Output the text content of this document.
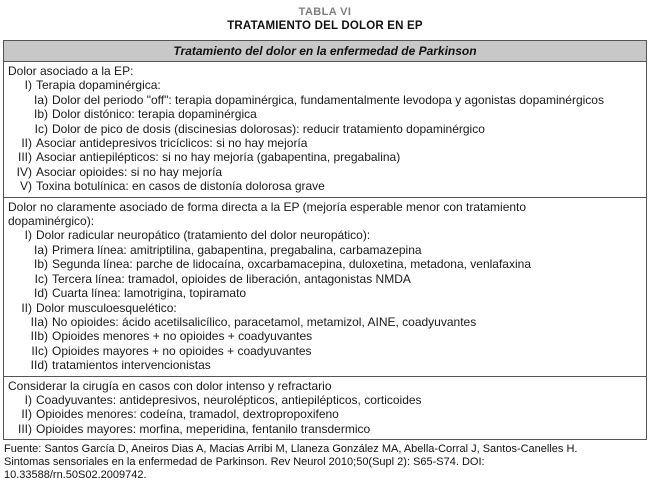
TABLA VI
TRATAMIENTO DEL DOLOR EN EP
Tratamiento del dolor en la enfermedad de Parkinson
Dolor asociado a la EP:
I) Terapia dopaminérgica:
Ia) Dolor del periodo "off": terapia dopaminérgica, fundamentalmente levodopa y agonistas dopaminérgicos
Ib) Dolor distónico: terapia dopaminérgica
Ic) Dolor de pico de dosis (discinesias dolorosas): reducir tratamiento dopaminérgico
II) Asociar antidepresivos tricíclicos: si no hay mejoría
III) Asociar antiepilépticos: si no hay mejoría (gabapentina, pregabalina)
IV) Asociar opioides: si no hay mejoría
V) Toxina botulínica: en casos de distonía dolorosa grave
Dolor no claramente asociado de forma directa a la EP (mejoría esperable menor con tratamiento dopaminérgico):
I) Dolor radicular neuropático (tratamiento del dolor neuropático):
Ia) Primera línea: amitriptilina, gabapentina, pregabalina, carbamazepina
Ib) Segunda línea: parche de lidocaína, oxcarbamacepina, duloxetina, metadona, venlafaxina
Ic) Tercera línea: tramadol, opioides de liberación, antagonistas NMDA
Id) Cuarta línea: lamotrigina, topiramato
II) Dolor musculoesquelético:
IIa) No opioides: ácido acetilsalicílico, paracetamol, metamizol, AINE, coadyuvantes
IIb) Opioides menores + no opioides + coadyuvantes
IIc) Opioides mayores + no opioides + coadyuvantes
IId) tratamientos intervencionistas
Considerar la cirugía en casos con dolor intenso y refractario
I) Coadyuvantes: antidepresivos, neurolépticos, antiepilépticos, corticoides
II) Opioides menores: codeína, tramadol, dextropropoxifeno
III) Opioides mayores: morfina, meperidina, fentanilo transdermico
Fuente: Santos García D, Aneiros Dias A, Macias Arribi M, Llaneza González MA, Abella-Corral J, Santos-Canelles H. Sintomas sensoriales en la enfermedad de Parkinson. Rev Neurol 2010;50(Supl 2): S65-S74. DOI: 10.33588/rn.50S02.2009742.
